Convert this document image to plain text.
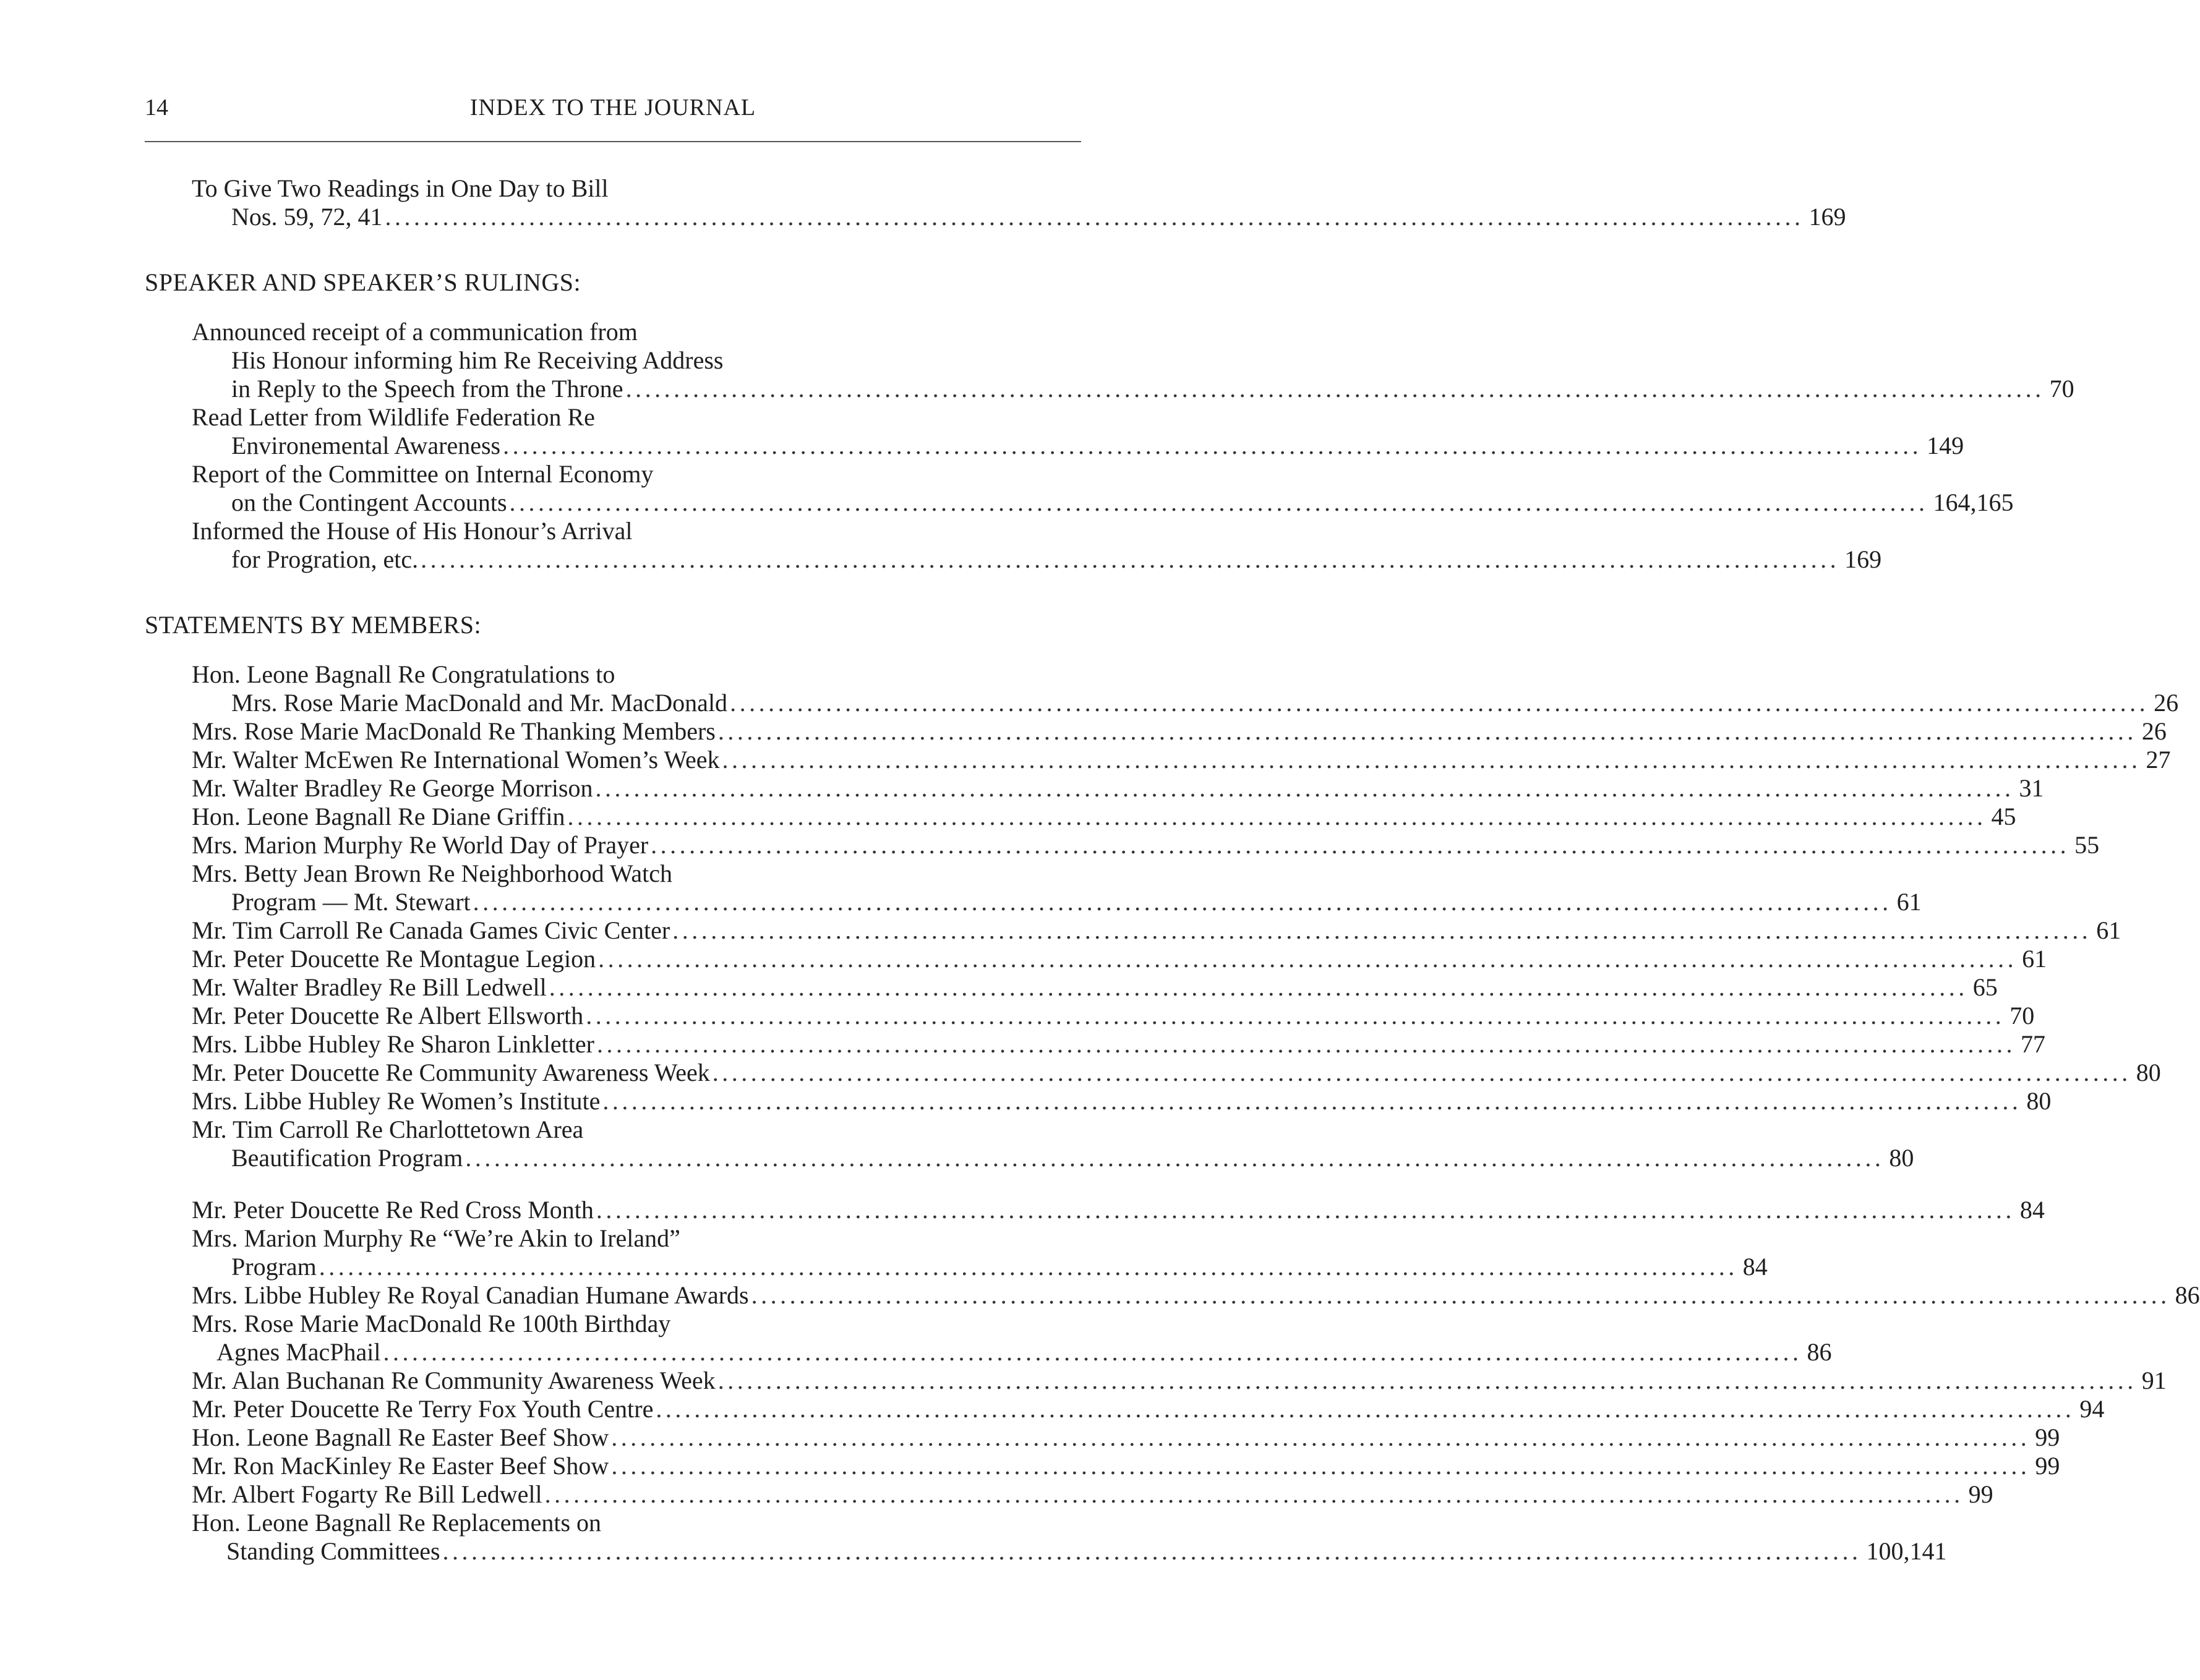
14	INDEX TO THE JOURNAL
To Give Two Readings in One Day to Bill
Nos. 59, 72, 41 .................................................................................................................................................... 169
SPEAKER AND SPEAKER’S RULINGS:
Announced receipt of a communication from
His Honour informing him Re Receiving Address
in Reply to the Speech from the Throne .................................................................................................................................................... 70
Read Letter from Wildlife Federation Re
Environemental Awareness .................................................................................................................................................... 149
Report of the Committee on Internal Economy
on the Contingent Accounts .................................................................................................................................................... 164,165
Informed the House of His Honour’s Arrival
for Progration, etc. .................................................................................................................................................... 169
STATEMENTS BY MEMBERS:
Hon. Leone Bagnall Re Congratulations to
Mrs. Rose Marie MacDonald and Mr. MacDonald .................................................................................................................................................... 26
Mrs. Rose Marie MacDonald Re Thanking Members .................................................................................................................................................... 26
Mr. Walter McEwen Re International Women’s Week .................................................................................................................................................... 27
Mr. Walter Bradley Re George Morrison .................................................................................................................................................... 31
Hon. Leone Bagnall Re Diane Griffin .................................................................................................................................................... 45
Mrs. Marion Murphy Re World Day of Prayer .................................................................................................................................................... 55
Mrs. Betty Jean Brown Re Neighborhood Watch
Program — Mt. Stewart .................................................................................................................................................... 61
Mr. Tim Carroll Re Canada Games Civic Center .................................................................................................................................................... 61
Mr. Peter Doucette Re Montague Legion .................................................................................................................................................... 61
Mr. Walter Bradley Re Bill Ledwell .................................................................................................................................................... 65
Mr. Peter Doucette Re Albert Ellsworth .................................................................................................................................................... 70
Mrs. Libbe Hubley Re Sharon Linkletter .................................................................................................................................................... 77
Mr. Peter Doucette Re Community Awareness Week .................................................................................................................................................... 80
Mrs. Libbe Hubley Re Women’s Institute .................................................................................................................................................... 80
Mr. Tim Carroll Re Charlottetown Area
Beautification Program .................................................................................................................................................... 80
Mr. Peter Doucette Re Red Cross Month .................................................................................................................................................... 84
Mrs. Marion Murphy Re “We’re Akin to Ireland”
Program .................................................................................................................................................... 84
Mrs. Libbe Hubley Re Royal Canadian Humane Awards .................................................................................................................................................... 86
Mrs. Rose Marie MacDonald Re 100th Birthday
Agnes MacPhail .................................................................................................................................................... 86
Mr. Alan Buchanan Re Community Awareness Week .................................................................................................................................................... 91
Mr. Peter Doucette Re Terry Fox Youth Centre .................................................................................................................................................... 94
Hon. Leone Bagnall Re Easter Beef Show .................................................................................................................................................... 99
Mr. Ron MacKinley Re Easter Beef Show .................................................................................................................................................... 99
Mr. Albert Fogarty Re Bill Ledwell .................................................................................................................................................... 99
Hon. Leone Bagnall Re Replacements on
Standing Committees .................................................................................................................................................... 100,141
